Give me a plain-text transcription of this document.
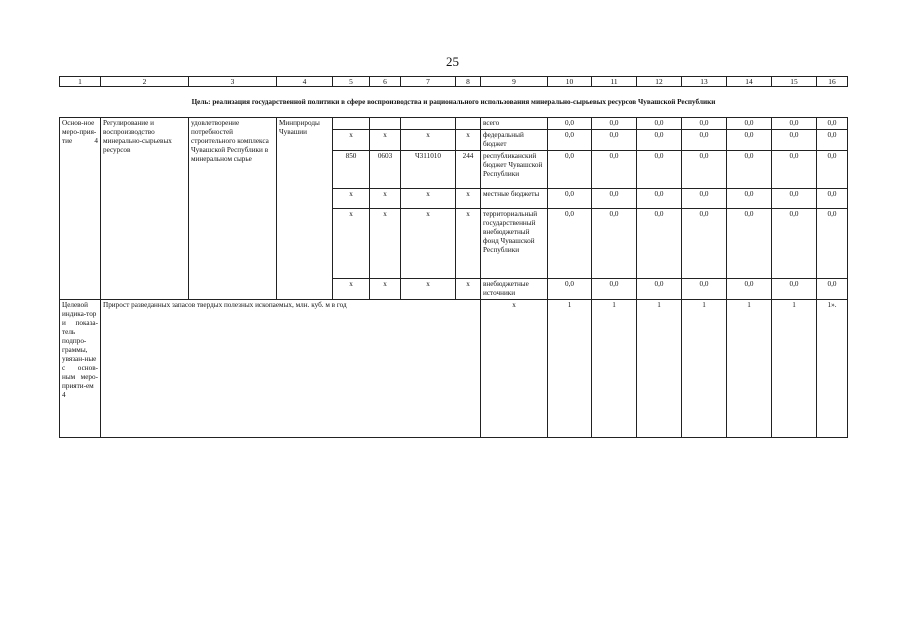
25
1	2	3	4	5	6	7	8	9	10	11	12	13	14	15	16
Цель: реализация государственной политики в сфере воспроизводства и рационального использования минерально-сырьевых ресурсов Чувашской Республики															

Основ-ное меро-прия-тие 4	Регулирование и воспроизводство минерально-сырьевых ресурсов	удовлетворение потребностей строительного комплекса Чувашской Республики в минеральном сырье	Минприроды Чувашии					всего	0,0	0,0	0,0	0,0	0,0	0,0	0,0
				x	x	x	x	федеральный бюджет	0,0	0,0	0,0	0,0	0,0	0,0	0,0
				850	0603	Ч311010	244	республиканский бюджет Чувашской Республики	0,0	0,0	0,0	0,0	0,0	0,0	0,0
				x	x	x	x	местные бюджеты	0,0	0,0	0,0	0,0	0,0	0,0	0,0
				x	x	x	x	территориальный государственный внебюджетный фонд Чувашской Республики	0,0	0,0	0,0	0,0	0,0	0,0	0,0
				x	x	x	x	внебюджетные источники	0,0	0,0	0,0	0,0	0,0	0,0	0,0
Целевой индика-тор и показа-тель подпро-граммы, увязан-ные с основ-ным меро-прияти-ем 4	Прирост разведанных запасов твердых полезных ископаемых, млн. куб. м в год							x	1	1	1	1	1	1	1».
